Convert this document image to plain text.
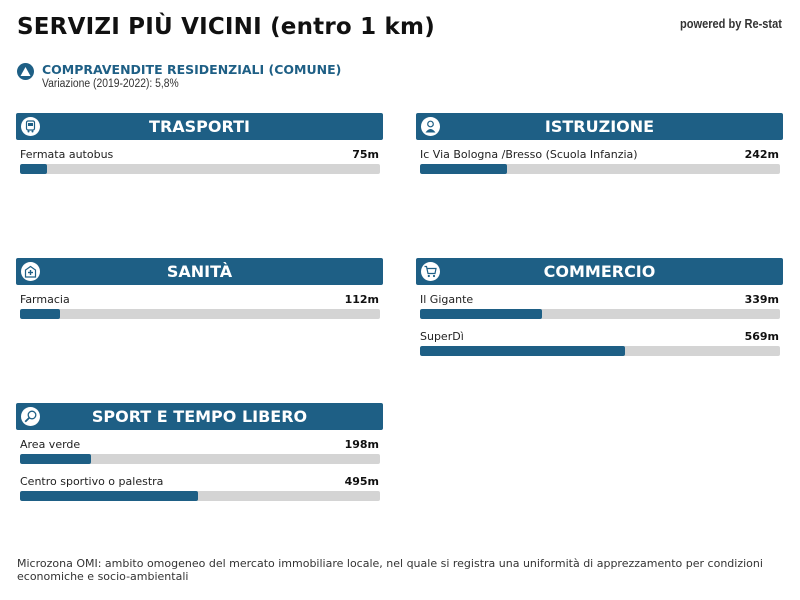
SERVIZI PIÙ VICINI (entro 1 km)	powered by Re-stat
COMPRAVENDITE RESIDENZIALI (COMUNE)
Variazione (2019-2022): 5,8%
TRASPORTI
Fermata autobus	75m
ISTRUZIONE
Ic Via Bologna /Bresso (Scuola Infanzia)	242m
SANITÀ
Farmacia	112m
COMMERCIO
Il Gigante	339m
SuperDì	569m
SPORT E TEMPO LIBERO
Area verde	198m
Centro sportivo o palestra	495m
Microzona OMI: ambito omogeneo del mercato immobiliare locale, nel quale si registra una uniformità di apprezzamento per condizioni economiche e socio-ambientali
